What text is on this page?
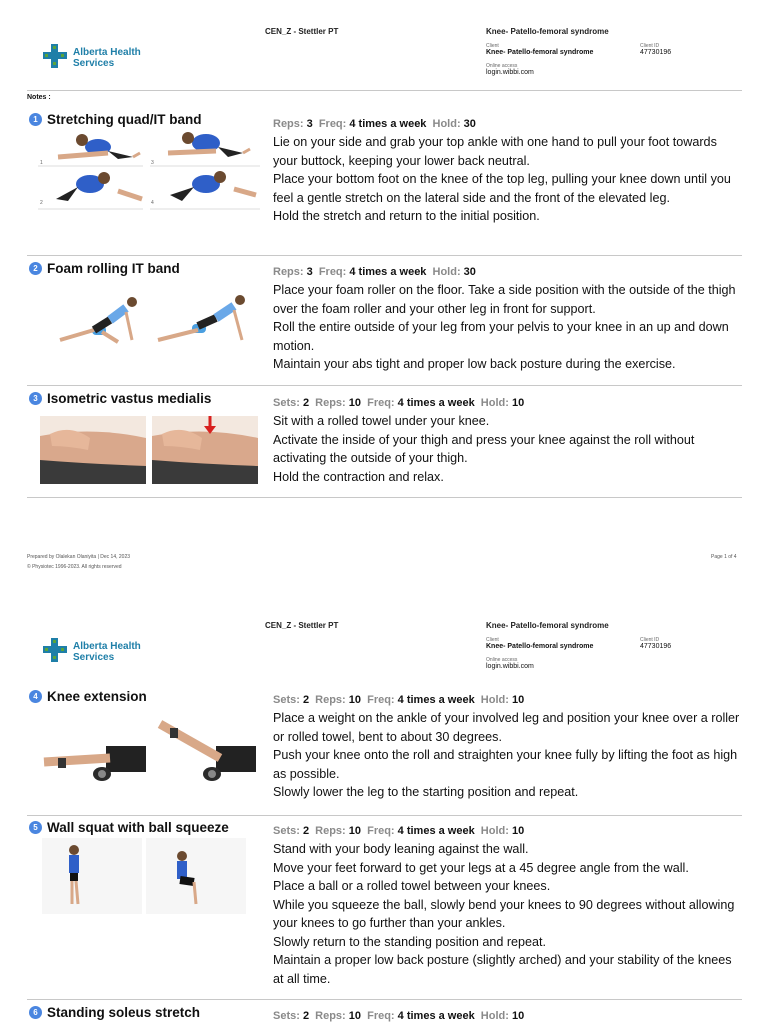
Alberta Health
Services
CEN_Z - Stettler PT	Knee- Patello-femoral syndrome
Client
Knee- Patello-femoral syndrome
Client ID
47730196
Online access
login.wibbi.com
Notes :
1 Stretching quad/IT band
1	3
2	4
Reps: 3 Freq: 4 times a week Hold: 30

Lie on your side and grab your top ankle with one hand to pull your foot towards your buttock, keeping your lower back neutral.

Place your bottom foot on the knee of the top leg, pulling your knee down until you feel a gentle stretch on the lateral side and the front of the elevated leg.

Hold the stretch and return to the initial position.

2 Foam rolling IT band	Reps: 3 Freq: 4 times a week Hold: 30

Place your foam roller on the floor. Take a side position with the outside of the thigh over the foam roller and your other leg in front for support.

Roll the entire outside of your leg from your pelvis to your knee in an up and down motion.

Maintain your abs tight and proper low back posture during the exercise.

3 Isometric vastus medialis	Sets: 2 Reps: 10 Freq: 4 times a week Hold: 10

Sit with a rolled towel under your knee.

Activate the inside of your thigh and press your knee against the roll without activating the outside of your thigh.

Hold the contraction and relax.

Prepared by Olalekan Olaniyita | Dec 14, 2023
© Physiotec 1996-2023. All rights reserved
Page 1 of 4
Alberta Health
Services
CEN_Z - Stettler PT	Knee- Patello-femoral syndrome
Client
Knee- Patello-femoral syndrome
Client ID
47730196
Online access
login.wibbi.com
4 Knee extension	Sets: 2 Reps: 10 Freq: 4 times a week Hold: 10

Place a weight on the ankle of your involved leg and position your knee over a roller or rolled towel, bent to about 30 degrees.

Push your knee onto the roll and straighten your knee fully by lifting the foot as high as possible.

Slowly lower the leg to the starting position and repeat.

5 Wall squat with ball squeeze	Sets: 2 Reps: 10 Freq: 4 times a week Hold: 10

Stand with your body leaning against the wall.

Move your feet forward to get your legs at a 45 degree angle from the wall.

Place a ball or a rolled towel between your knees.

While you squeeze the ball, slowly bend your knees to 90 degrees without allowing your knees to go further than your ankles.

Slowly return to the standing position and repeat.

Maintain a proper low back posture (slightly arched) and your stability of the knees at all time.

6 Standing soleus stretch	Sets: 2 Reps: 10 Freq: 4 times a week Hold: 10
